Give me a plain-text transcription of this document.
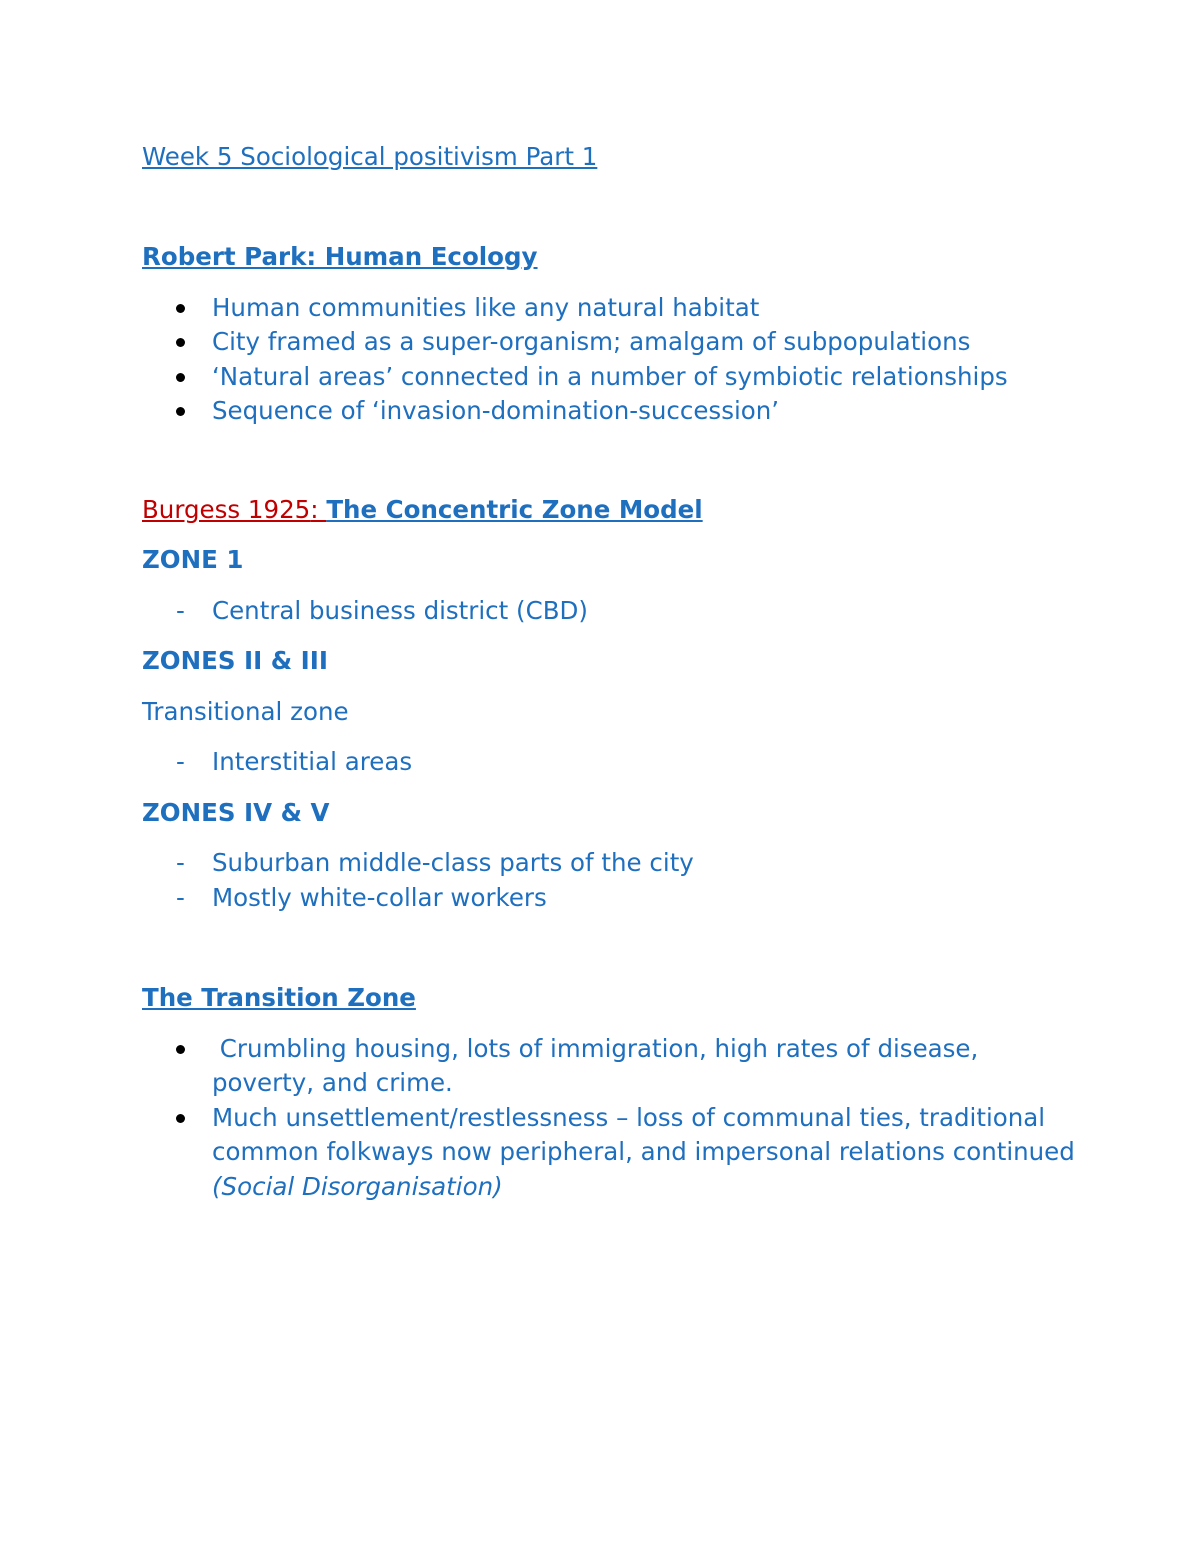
Week 5 Sociological positivism Part 1

Robert Park: Human Ecology

Human communities like any natural habitat
City framed as a super-organism; amalgam of subpopulations
‘Natural areas’ connected in a number of symbiotic relationships
Sequence of ‘invasion-domination-succession’

Burgess 1925: The Concentric Zone Model

ZONE 1

- Central business district (CBD)

ZONES II & III

Transitional zone

- Interstitial areas

ZONES IV & V

- Suburban middle-class parts of the city
- Mostly white-collar workers

The Transition Zone

Crumbling housing, lots of immigration, high rates of disease, poverty, and crime.
Much unsettlement/restlessness – loss of communal ties, traditional common folkways now peripheral, and impersonal relations continued (Social Disorganisation)
